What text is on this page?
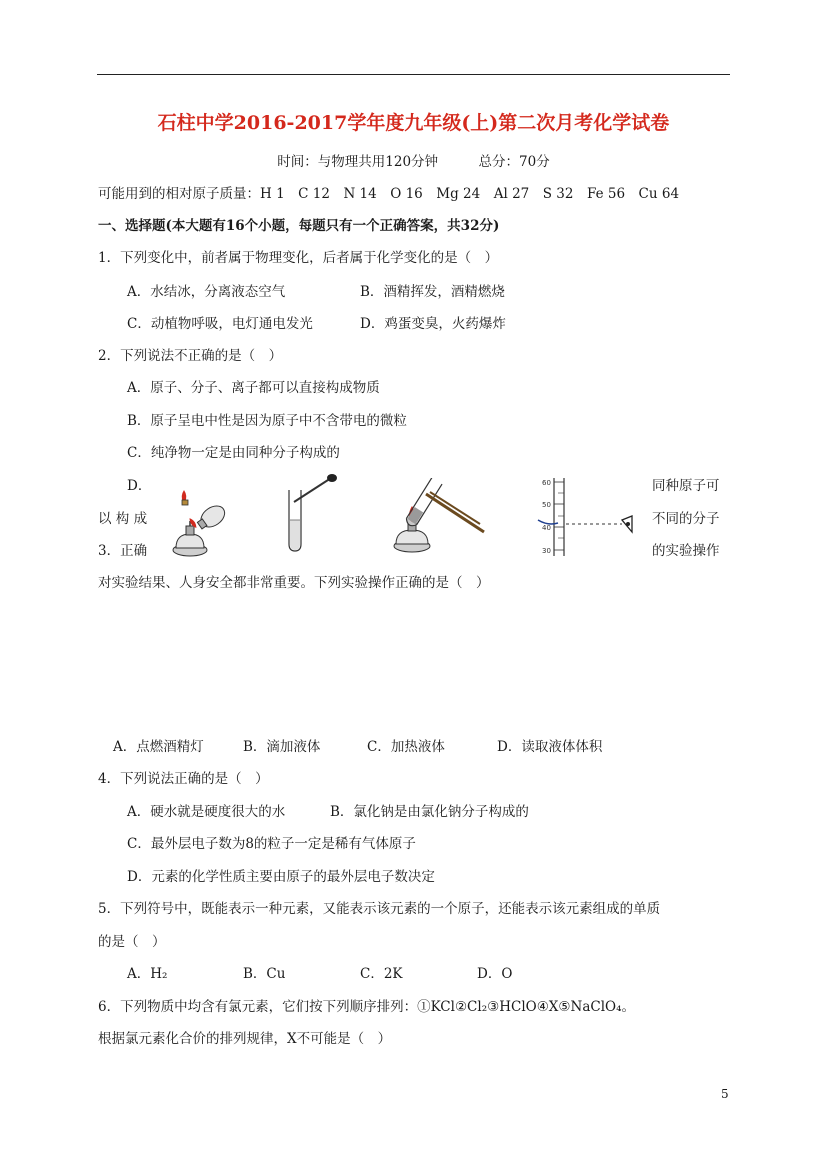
石柱中学2016-2017学年度九年级(上)第二次月考化学试卷
时间：与物理共用120分钟　　　总分：70分
可能用到的相对原子质量：H 1　C 12　N 14　O 16　Mg 24　Al 27　S 32　Fe 56　Cu 64
一、选择题(本大题有16个小题，每题只有一个正确答案，共32分)
1．下列变化中，前者属于物理变化，后者属于化学变化的是（　）
A．水结冰，分离液态空气	B．酒精挥发，酒精燃烧
C．动植物呼吸，电灯通电发光	D．鸡蛋变臭，火药爆炸
2．下列说法不正确的是（　）
A．原子、分子、离子都可以直接构成物质
B．原子呈电中性是因为原子中不含带电的微粒
C．纯净物一定是由同种分子构成的
D．	同种原子可
以 构 成	不同的分子
3．正确	的实验操作
对实验结果、人身安全都非常重要。下列实验操作正确的是（　）
60
50
40
30
A．点燃酒精灯	B．滴加液体	C．加热液体	D．读取液体体积
4．下列说法正确的是（　）
A．硬水就是硬度很大的水	B．氯化钠是由氯化钠分子构成的
C．最外层电子数为8的粒子一定是稀有气体原子
D．元素的化学性质主要由原子的最外层电子数决定
5．下列符号中，既能表示一种元素，又能表示该元素的一个原子，还能表示该元素组成的单质
的是（　）
A．H₂	B．Cu	C．2K	D．O
6．下列物质中均含有氯元素，它们按下列顺序排列：①KCl②Cl₂③HClO④X⑤NaClO₄。
根据氯元素化合价的排列规律，X不可能是（　）
5
